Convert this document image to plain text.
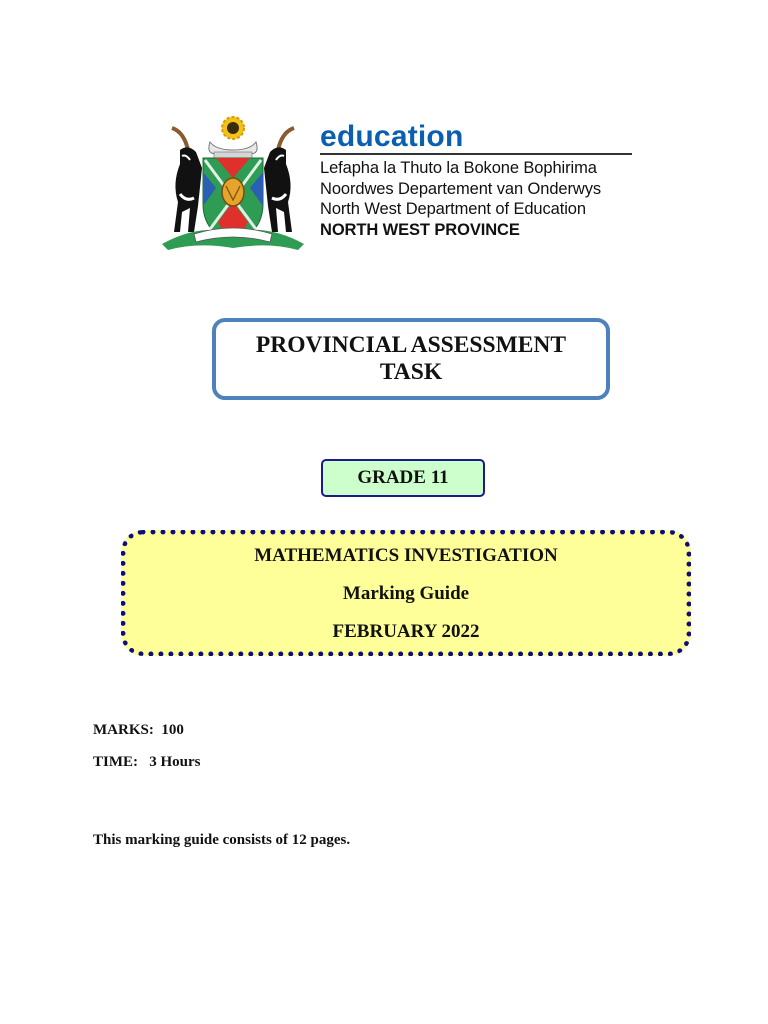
education
Lefapha la Thuto la Bokone Bophirima
Noordwes Departement van Onderwys
North West Department of Education
NORTH WEST PROVINCE
PROVINCIAL ASSESSMENT
TASK
GRADE 11
MATHEMATICS INVESTIGATION
Marking Guide
FEBRUARY 2022
MARKS: 100
TIME: 3 Hours
This marking guide consists of 12 pages.
